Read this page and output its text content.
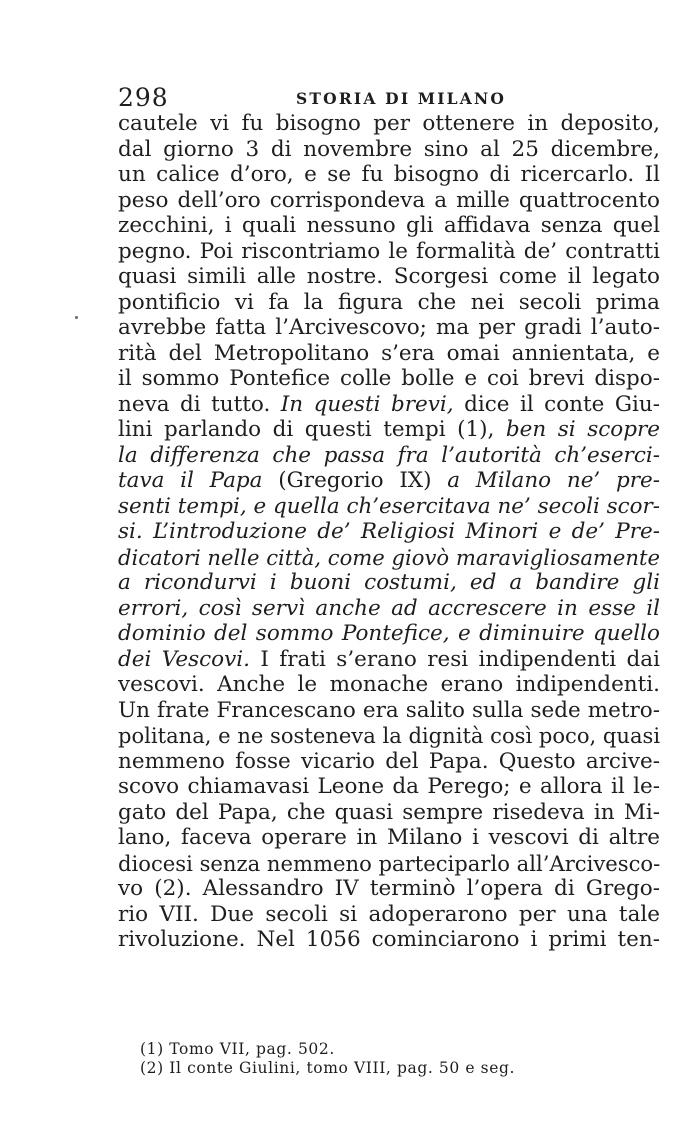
298	STORIA DI MILANO
cautele vi fu bisogno per ottenere in deposito,
dal giorno 3 di novembre sino al 25 dicembre,
un calice d’oro, e se fu bisogno di ricercarlo. Il
peso dell’oro corrispondeva a mille quattrocento
zecchini, i quali nessuno gli affidava senza quel
pegno. Poi riscontriamo le formalità de’ contratti
quasi simili alle nostre. Scorgesi come il legato
pontificio vi fa la figura che nei secoli prima
avrebbe fatta l’Arcivescovo; ma per gradi l’auto-
rità del Metropolitano s’era omai annientata, e
il sommo Pontefice colle bolle e coi brevi dispo-
neva di tutto. In questi brevi, dice il conte Giu-
lini parlando di questi tempi (1), ben si scopre
la differenza che passa fra l’autorità ch’eserci-
tava il Papa (Gregorio IX) a Milano ne’ pre-
senti tempi, e quella ch’esercitava ne’ secoli scor-
si. L’introduzione de’ Religiosi Minori e de’ Pre-
dicatori nelle città, come giovò maravigliosamente
a ricondurvi i buoni costumi, ed a bandire gli
errori, così servì anche ad accrescere in esse il
dominio del sommo Pontefice, e diminuire quello
dei Vescovi. I frati s’erano resi indipendenti dai
vescovi. Anche le monache erano indipendenti.
Un frate Francescano era salito sulla sede metro-
politana, e ne sosteneva la dignità così poco, quasi
nemmeno fosse vicario del Papa. Questo arcive-
scovo chiamavasi Leone da Perego; e allora il le-
gato del Papa, che quasi sempre risedeva in Mi-
lano, faceva operare in Milano i vescovi di altre
diocesi senza nemmeno parteciparlo all’Arcivesco-
vo (2). Alessandro IV terminò l’opera di Grego-
rio VII. Due secoli si adoperarono per una tale
rivoluzione. Nel 1056 cominciarono i primi ten-
(1) Tomo VII, pag. 502.
(2) Il conte Giulini, tomo VIII, pag. 50 e seg.
